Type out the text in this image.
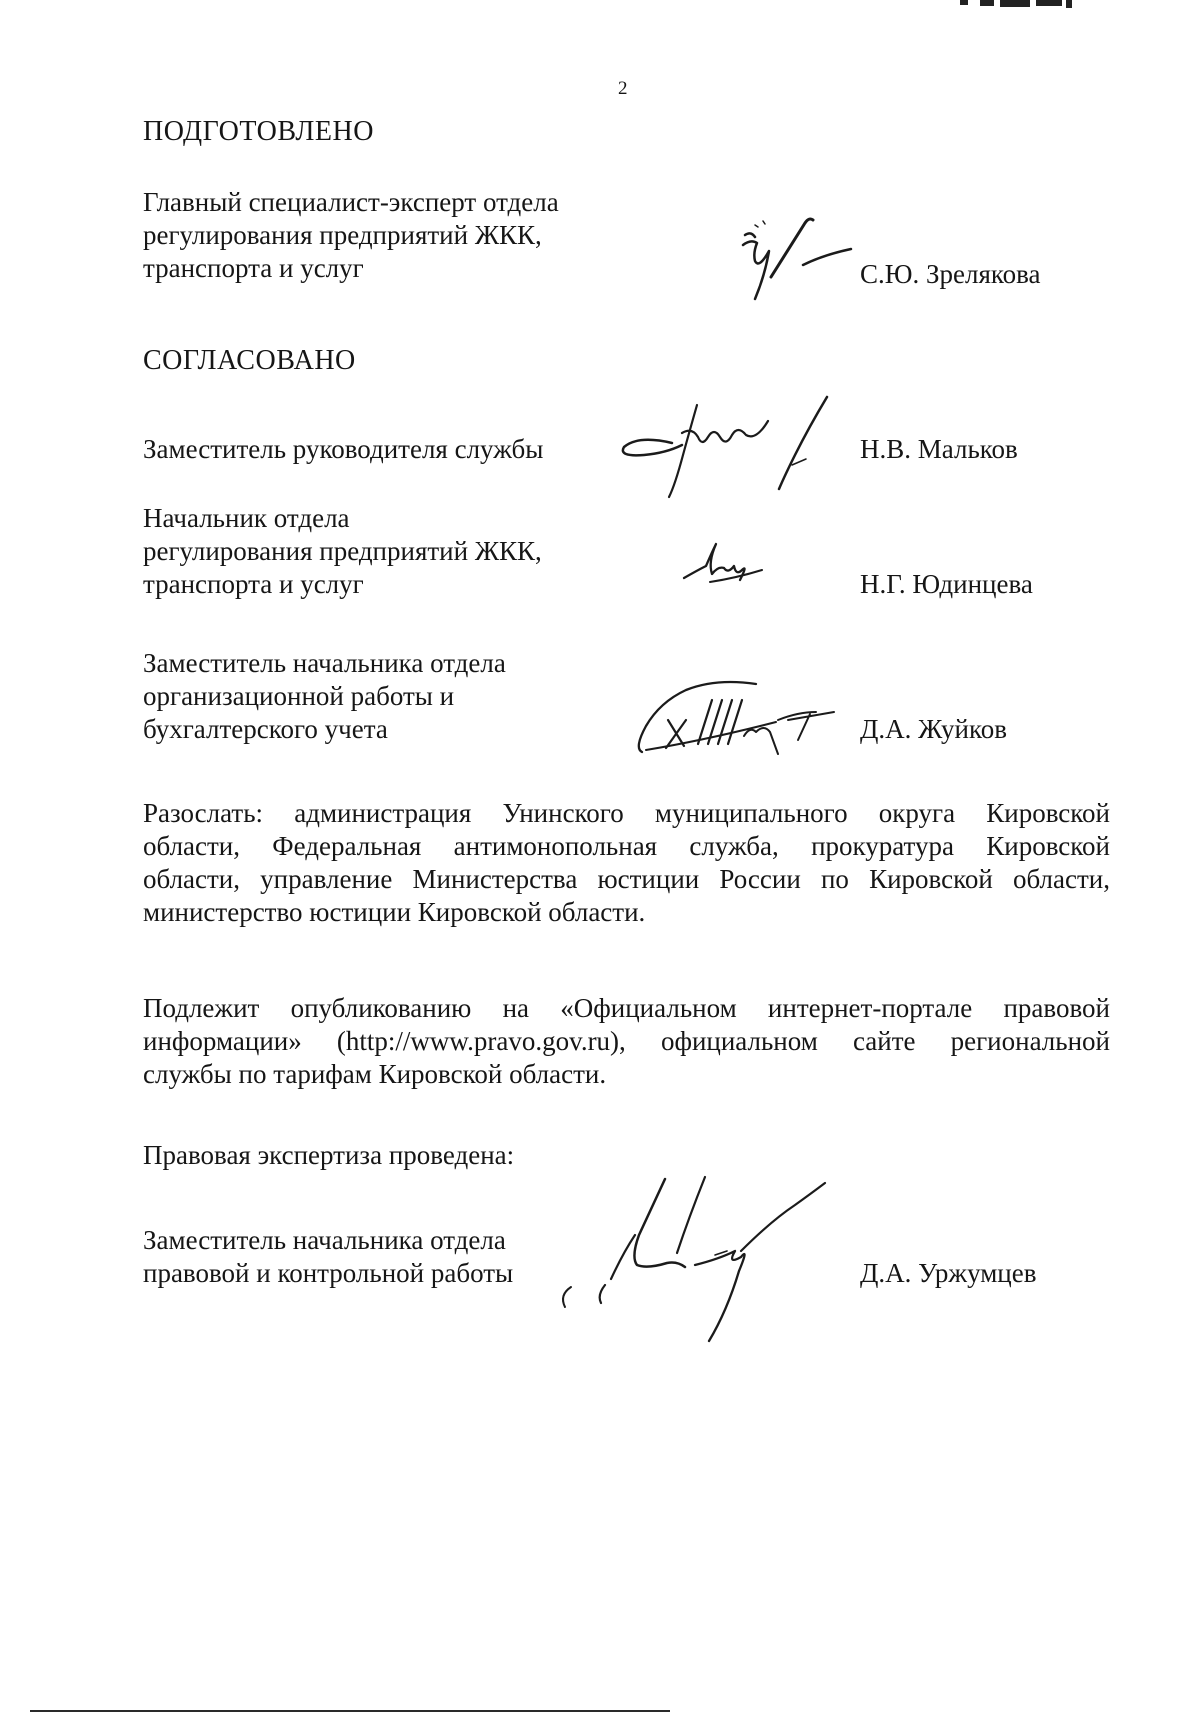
2
ПОДГОТОВЛЕНО
Главный специалист-эксперт отдела
регулирования предприятий ЖКК,
транспорта и услуг	С.Ю. Зрелякова
СОГЛАСОВАНО
Заместитель руководителя службы	Н.В. Мальков
Начальник отдела
регулирования предприятий ЖКК,
транспорта и услуг	Н.Г. Юдинцева
Заместитель начальника отдела
организационной работы и
бухгалтерского учета	Д.А. Жуйков
Разослать: администрация Унинского муниципального округа Кировской
области, Федеральная антимонопольная служба, прокуратура Кировской
области, управление Министерства юстиции России по Кировской области,
министерство юстиции Кировской области.
Подлежит опубликованию на «Официальном интернет-портале правовой
информации» (http://www.pravo.gov.ru), официальном сайте региональной
службы по тарифам Кировской области.
Правовая экспертиза проведена:
Заместитель начальника отдела
правовой и контрольной работы	Д.А. Уржумцев
